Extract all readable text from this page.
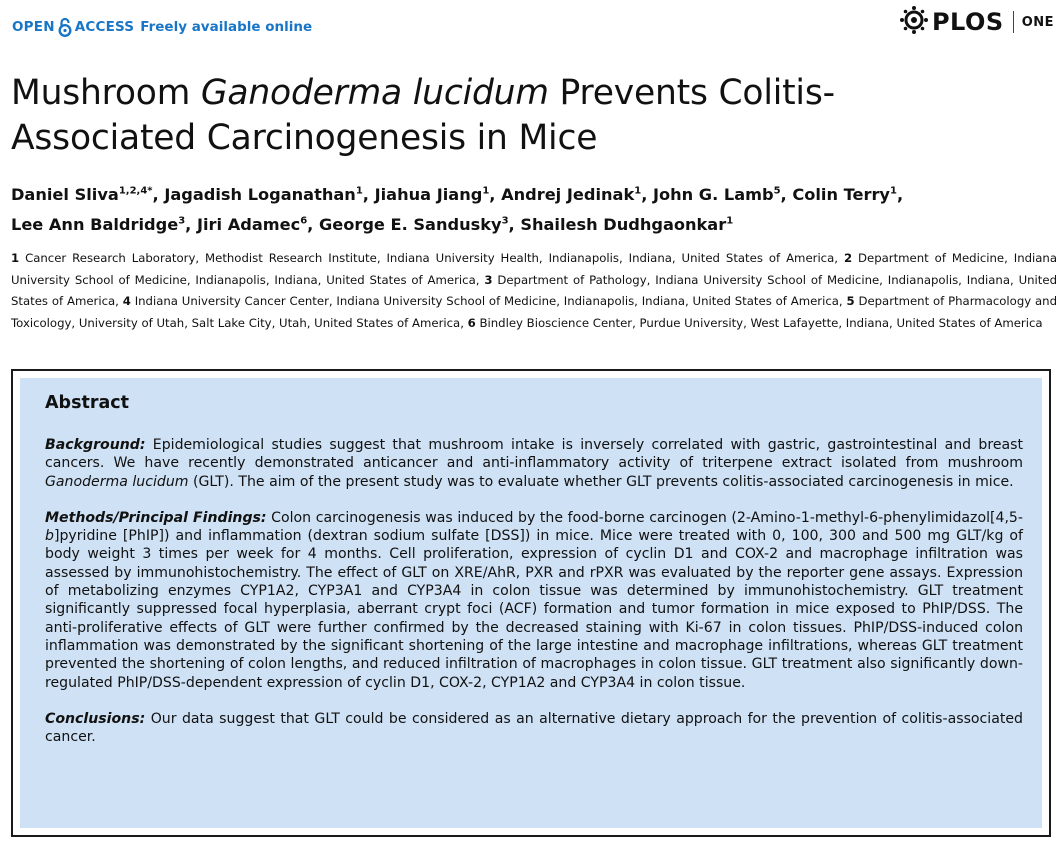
OPEN ACCESS Freely available online	PLOS ONE
Mushroom Ganoderma lucidum Prevents Colitis-
Associated Carcinogenesis in Mice
Daniel Sliva$^{1,2,4*}$, Jagadish Loganathan$^1$, Jiahua Jiang$^1$, Andrej Jedinak$^1$, John G. Lamb$^5$, Colin Terry$^1$,
Lee Ann Baldridge$^3$, Jiri Adamec$^6$, George E. Sandusky$^3$, Shailesh Dudhgaonkar$^1$
1 Cancer Research Laboratory, Methodist Research Institute, Indiana University Health, Indianapolis, Indiana, United States of America, 2 Department of Medicine, Indiana University School of Medicine, Indianapolis, Indiana, United States of America, 3 Department of Pathology, Indiana University School of Medicine, Indianapolis, Indiana, United States of America, 4 Indiana University Cancer Center, Indiana University School of Medicine, Indianapolis, Indiana, United States of America, 5 Department of Pharmacology and Toxicology, University of Utah, Salt Lake City, Utah, United States of America, 6 Bindley Bioscience Center, Purdue University, West Lafayette, Indiana, United States of America
Abstract

Background: Epidemiological studies suggest that mushroom intake is inversely correlated with gastric, gastrointestinal and breast cancers. We have recently demonstrated anticancer and anti-inflammatory activity of triterpene extract isolated from mushroom Ganoderma lucidum (GLT). The aim of the present study was to evaluate whether GLT prevents colitis-associated carcinogenesis in mice.

Methods/Principal Findings: Colon carcinogenesis was induced by the food-borne carcinogen (2-Amino-1-methyl-6-phenylimidazol[4,5-b]pyridine [PhIP]) and inflammation (dextran sodium sulfate [DSS]) in mice. Mice were treated with 0, 100, 300 and 500 mg GLT/kg of body weight 3 times per week for 4 months. Cell proliferation, expression of cyclin D1 and COX-2 and macrophage infiltration was assessed by immunohistochemistry. The effect of GLT on XRE/AhR, PXR and rPXR was evaluated by the reporter gene assays. Expression of metabolizing enzymes CYP1A2, CYP3A1 and CYP3A4 in colon tissue was determined by immunohistochemistry. GLT treatment significantly suppressed focal hyperplasia, aberrant crypt foci (ACF) formation and tumor formation in mice exposed to PhIP/DSS. The anti-proliferative effects of GLT were further confirmed by the decreased staining with Ki-67 in colon tissues. PhIP/DSS-induced colon inflammation was demonstrated by the significant shortening of the large intestine and macrophage infiltrations, whereas GLT treatment prevented the shortening of colon lengths, and reduced infiltration of macrophages in colon tissue. GLT treatment also significantly down-regulated PhIP/DSS-dependent expression of cyclin D1, COX-2, CYP1A2 and CYP3A4 in colon tissue.

Conclusions: Our data suggest that GLT could be considered as an alternative dietary approach for the prevention of colitis-associated cancer.
